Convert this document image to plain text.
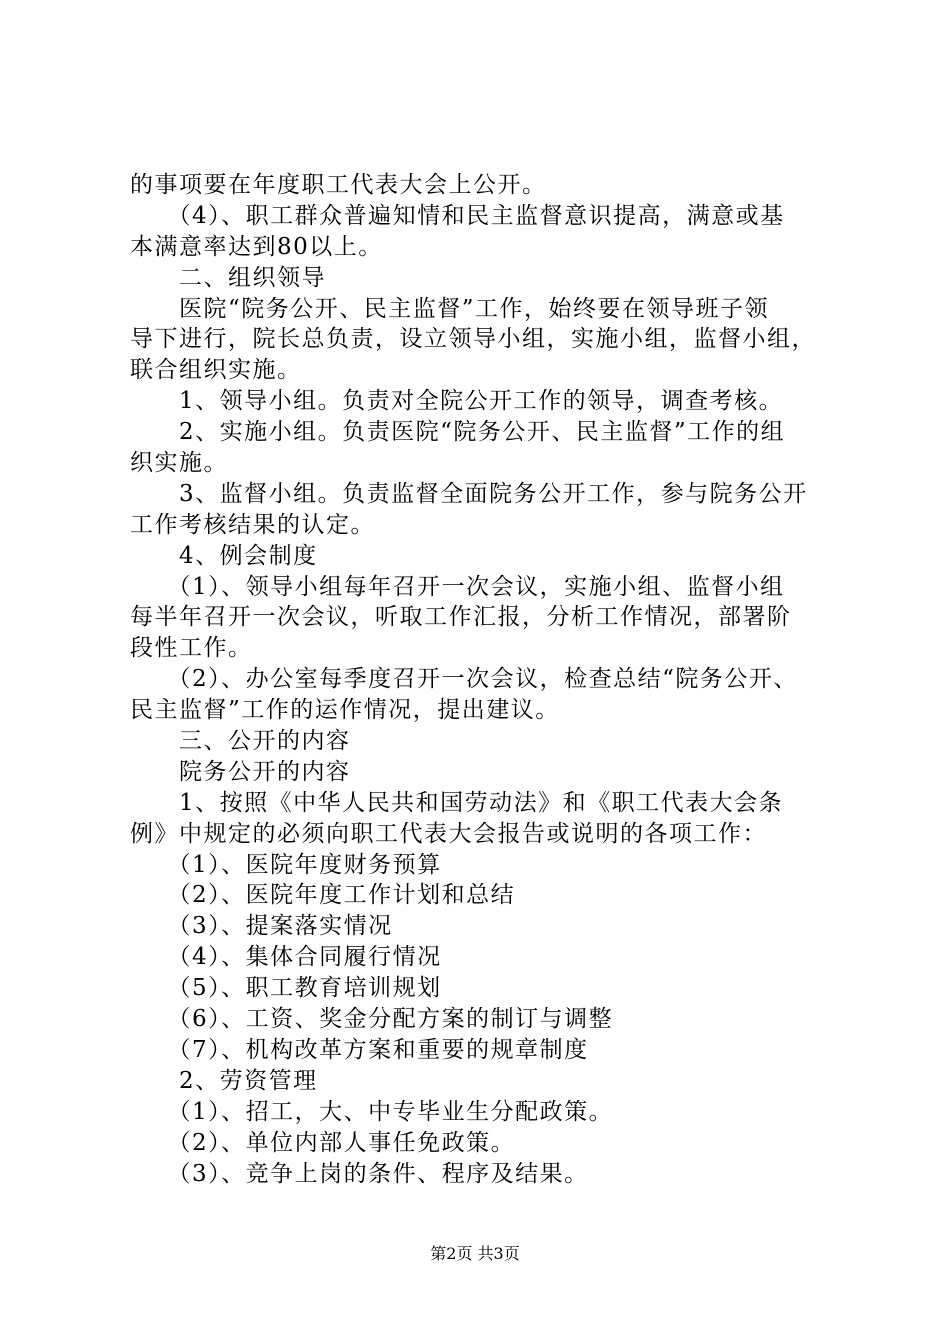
的事项要在年度职工代表大会上公开。
　　（4）、职工群众普遍知情和民主监督意识提高，满意或基
本满意率达到80以上。
　　二、组织领导
　　医院“院务公开、民主监督”工作，始终要在领导班子领
导下进行，院长总负责，设立领导小组，实施小组，监督小组，
联合组织实施。
　　1、领导小组。负责对全院公开工作的领导，调查考核。
　　2、实施小组。负责医院“院务公开、民主监督”工作的组
织实施。
　　3、监督小组。负责监督全面院务公开工作，参与院务公开
工作考核结果的认定。
　　4、例会制度
　　（1）、领导小组每年召开一次会议，实施小组、监督小组
每半年召开一次会议，听取工作汇报，分析工作情况，部署阶
段性工作。
　　（2）、办公室每季度召开一次会议，检查总结“院务公开、
民主监督”工作的运作情况，提出建议。
　　三、公开的内容
　　院务公开的内容
　　1、按照《中华人民共和国劳动法》和《职工代表大会条
例》中规定的必须向职工代表大会报告或说明的各项工作：
　　（1）、医院年度财务预算
　　（2）、医院年度工作计划和总结
　　（3）、提案落实情况
　　（4）、集体合同履行情况
　　（5）、职工教育培训规划
　　（6）、工资、奖金分配方案的制订与调整
　　（7）、机构改革方案和重要的规章制度
　　2、劳资管理
　　（1）、招工，大、中专毕业生分配政策。
　　（2）、单位内部人事任免政策。
　　（3）、竞争上岗的条件、程序及结果。
第2页 共3页
